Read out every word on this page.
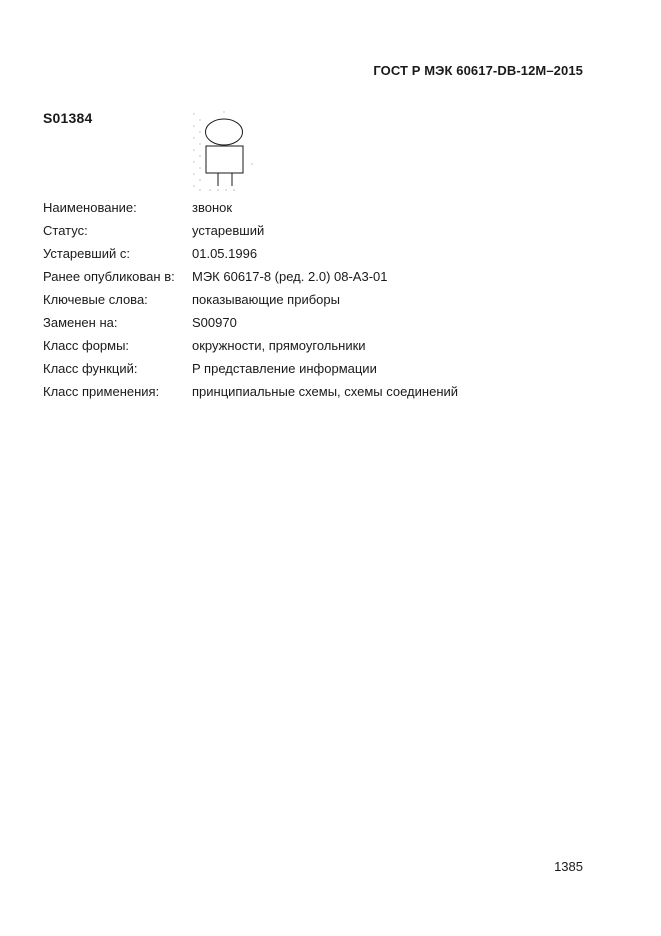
ГОСТ Р МЭК 60617-DB-12M–2015
S01384
Наименование:	звонок
Статус:	устаревший
Устаревший с:	01.05.1996
Ранее опубликован в:	МЭК 60617-8 (ред. 2.0) 08-A3-01
Ключевые слова:	показывающие приборы
Заменен на:	S00970
Класс формы:	окружности, прямоугольники
Класс функций:	P представление информации
Класс применения:	принципиальные схемы, схемы соединений
1385
